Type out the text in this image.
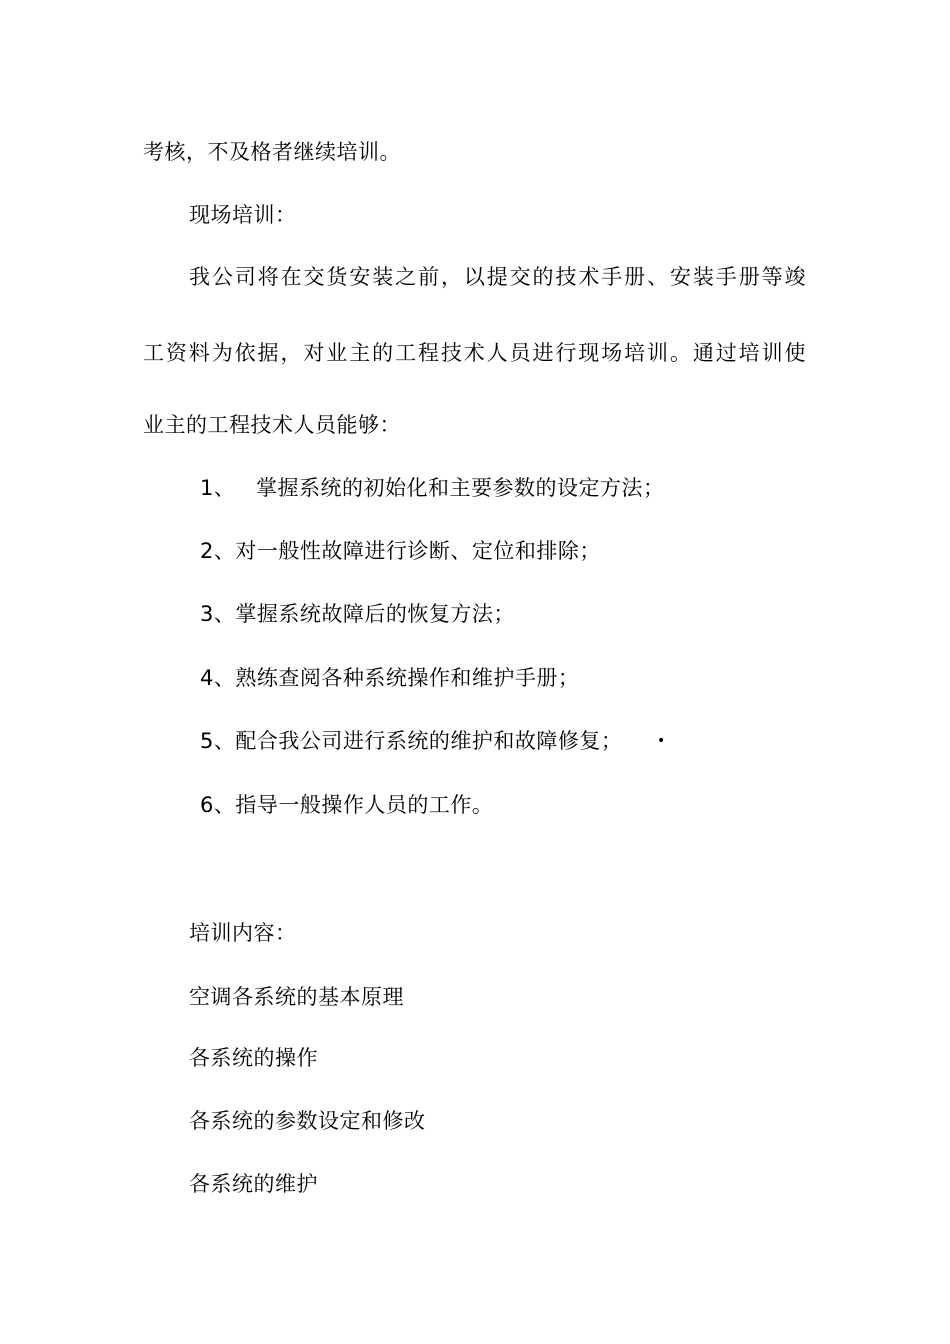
考核，不及格者继续培训。
现场培训：
我公司将在交货安装之前，以提交的技术手册、安装手册等竣
工资料为依据，对业主的工程技术人员进行现场培训。通过培训使
业主的工程技术人员能够：
1、 掌握系统的初始化和主要参数的设定方法；
2、对一般性故障进行诊断、定位和排除；
3、掌握系统故障后的恢复方法；
4、熟练查阅各种系统操作和维护手册；
5、配合我公司进行系统的维护和故障修复； •
6、指导一般操作人员的工作。
培训内容：
空调各系统的基本原理
各系统的操作
各系统的参数设定和修改
各系统的维护
